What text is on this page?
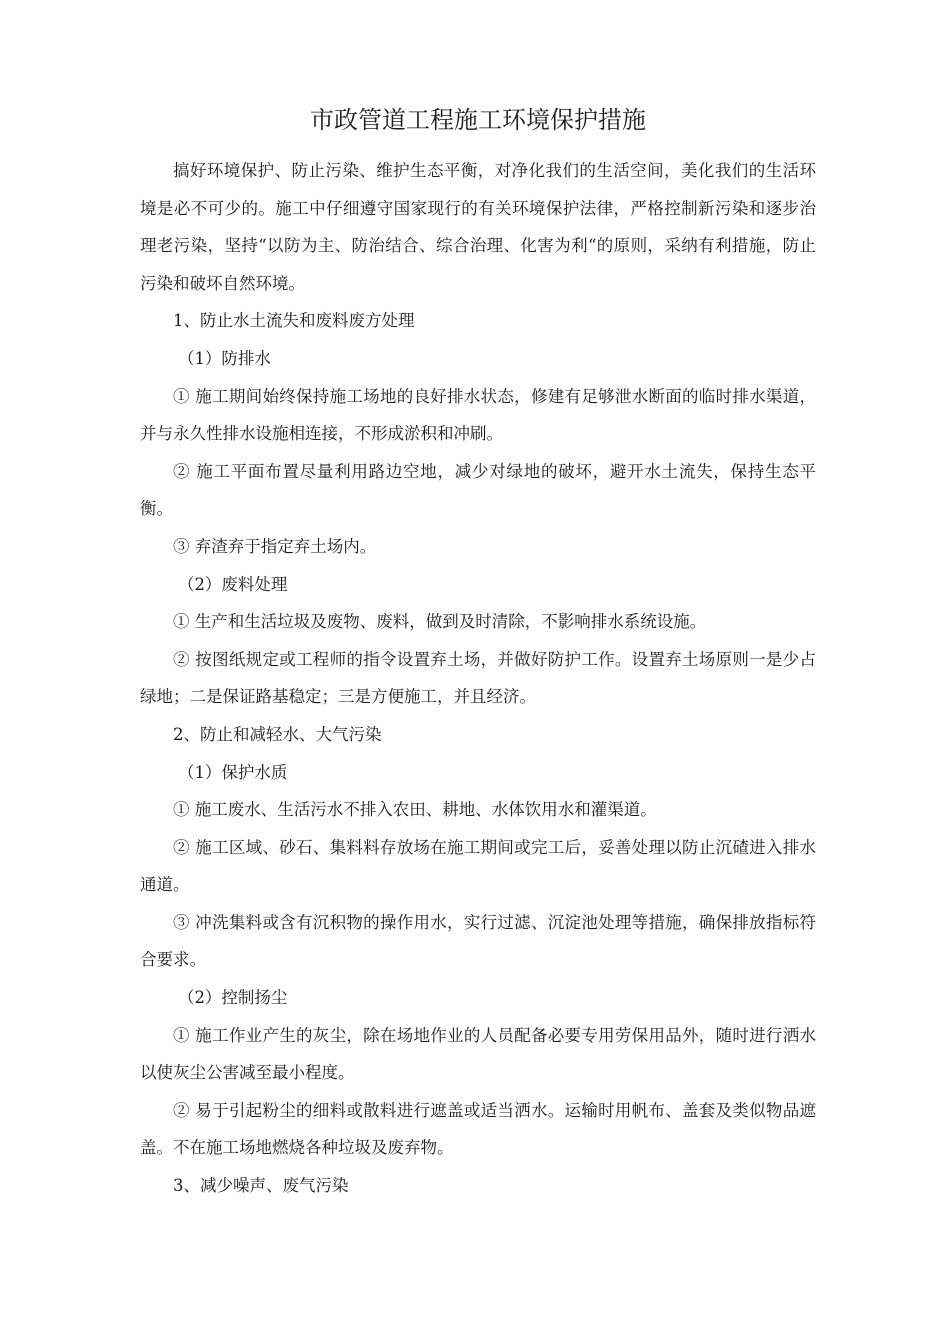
市政管道工程施工环境保护措施

搞好环境保护、防止污染、维护生态平衡，对净化我们的生活空间，美化我们的生活环境是必不可少的。施工中仔细遵守国家现行的有关环境保护法律，严格控制新污染和逐步治理老污染，坚持“以防为主、防治结合、综合治理、化害为利“的原则，采纳有利措施，防止污染和破坏自然环境。

1、防止水土流失和废料废方处理

（1）防排水

① 施工期间始终保持施工场地的良好排水状态，修建有足够泄水断面的临时排水渠道，并与永久性排水设施相连接，不形成淤积和冲刷。

② 施工平面布置尽量利用路边空地，减少对绿地的破坏，避开水土流失，保持生态平衡。

③ 弃渣弃于指定弃土场内。

（2）废料处理

① 生产和生活垃圾及废物、废料，做到及时清除，不影响排水系统设施。

② 按图纸规定或工程师的指令设置弃土场，并做好防护工作。设置弃土场原则一是少占绿地；二是保证路基稳定；三是方便施工，并且经济。

2、防止和减轻水、大气污染

（1）保护水质

① 施工废水、生活污水不排入农田、耕地、水体饮用水和灌渠道。

② 施工区域、砂石、集料料存放场在施工期间或完工后，妥善处理以防止沉碴进入排水通道。

③ 冲洗集料或含有沉积物的操作用水，实行过滤、沉淀池处理等措施，确保排放指标符合要求。

（2）控制扬尘

① 施工作业产生的灰尘，除在场地作业的人员配备必要专用劳保用品外，随时进行洒水以使灰尘公害减至最小程度。

② 易于引起粉尘的细料或散料进行遮盖或适当洒水。运输时用帆布、盖套及类似物品遮盖。不在施工场地燃烧各种垃圾及废弃物。

3、减少噪声、废气污染
